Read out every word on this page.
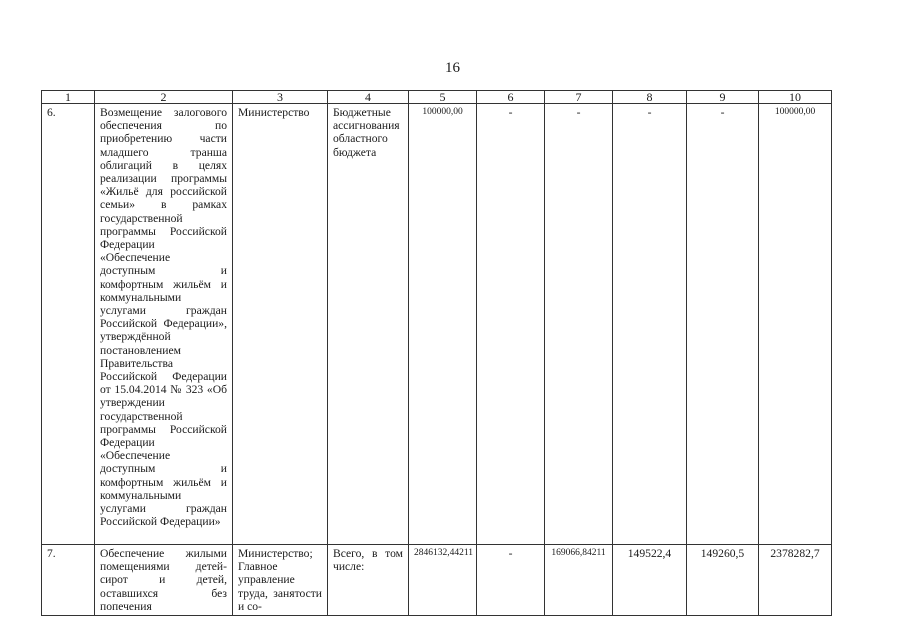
16
1	2	3	4	5	6	7	8	9	10
6.	Возмещение залогового обеспечения по приобретению части младшего транша облигаций в целях реализации программы «Жильё для российской семьи» в рамках государственной программы Российской Федерации «Обеспечение доступным и комфортным жильём и коммунальными услугами граждан Российской Федерации», утверждённой постановлением Правительства Российской Федерации от 15.04.2014 № 323 «Об утверждении государственной программы Российской Федерации «Обеспечение доступным и комфортным жильём и коммунальными услугами граждан Российской Федерации»	Министерство	Бюджетные ассигнования областного бюджета	100000,00	-	-	-	-	100000,00
7.	Обеспечение жилыми помещениями детей-сирот и детей, оставшихся без попечения	Министерство; Главное управление труда, занятости и со-	Всего, в том числе:	2846132,44211	-	169066,84211	149522,4	149260,5	2378282,7
